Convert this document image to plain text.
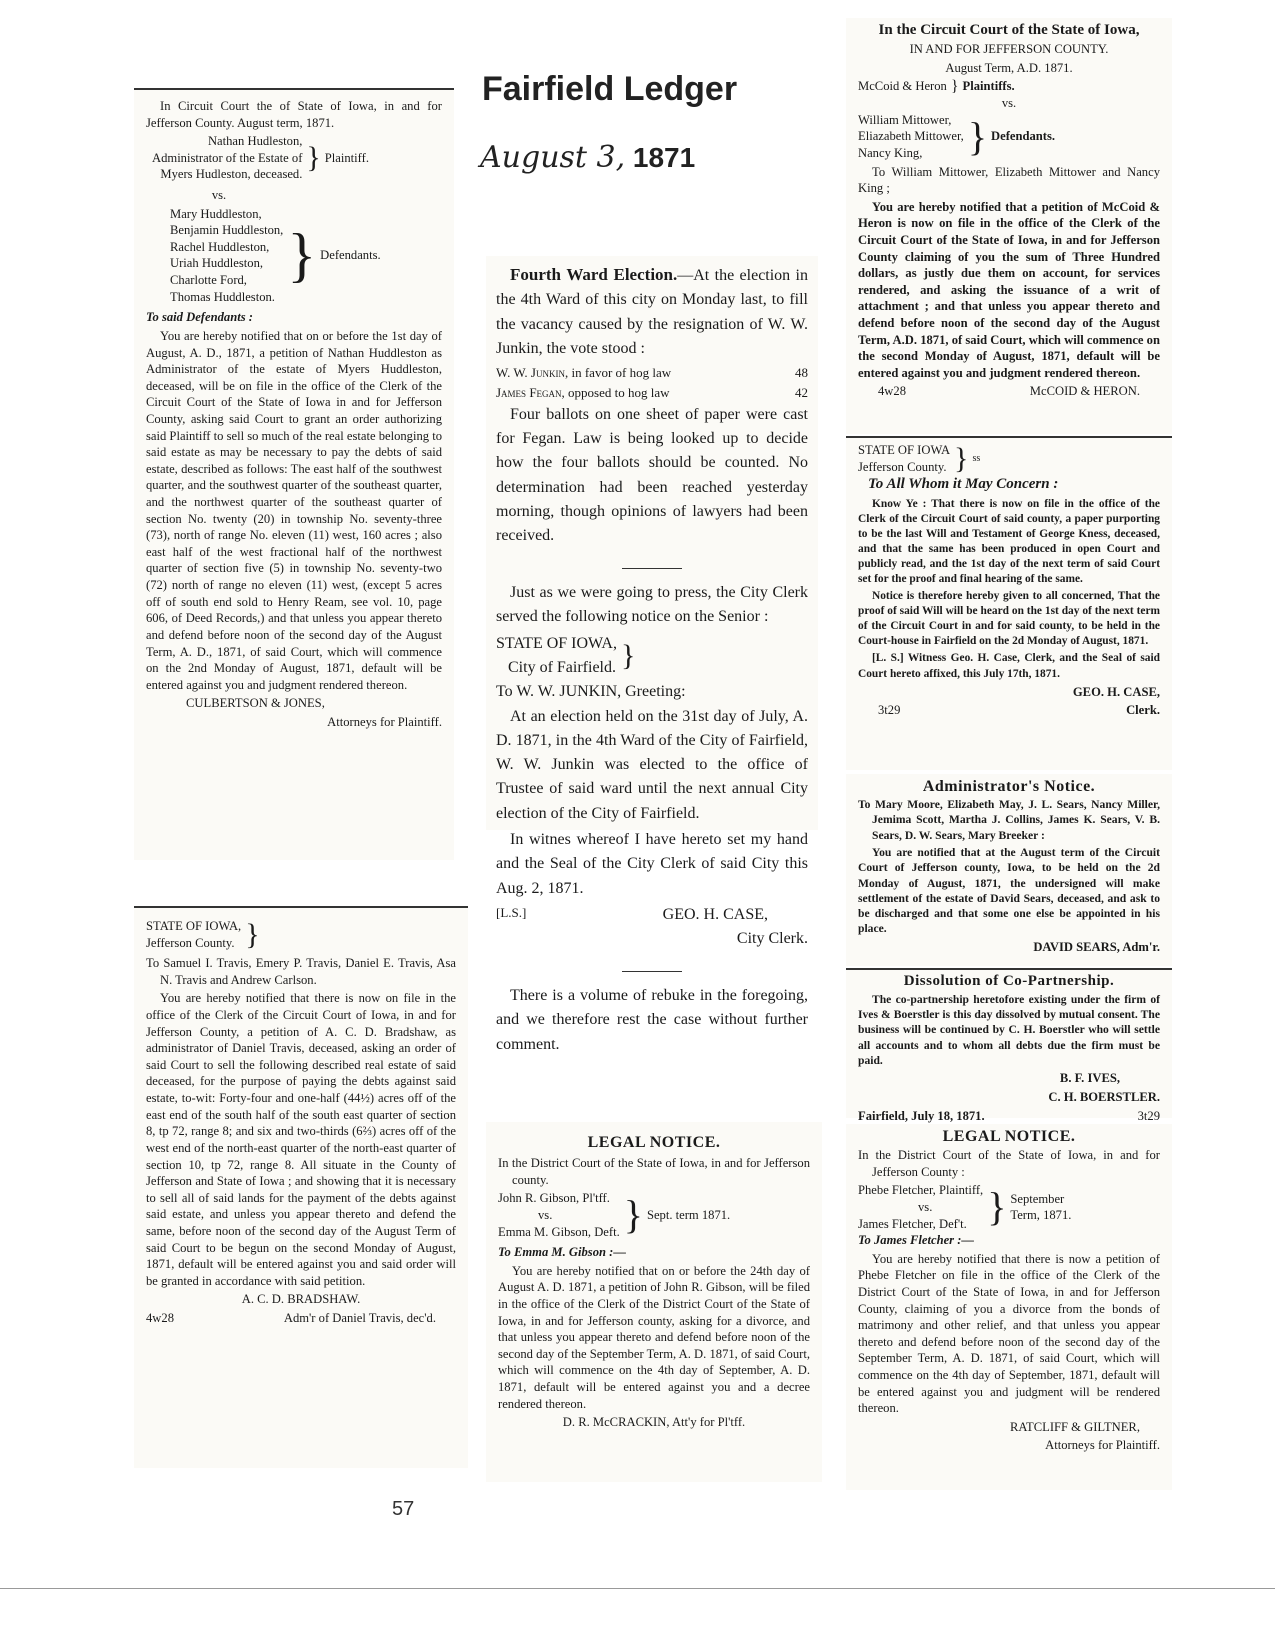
Fairfield Ledger
August 3, 1871

In Circuit Court the of State of Iowa, in and for Jefferson County. August term, 1871.

Nathan Hudleston,
Administrator of the Estate of
Myers Hudleston, deceased.
} Plaintiff.

vs.

Mary Huddleston,
Benjamin Huddleston,
Rachel Huddleston,
Uriah Huddleston,
Charlotte Ford,
Thomas Huddleston.
} Defendants.

To said Defendants :

You are hereby notified that on or before the 1st day of August, A. D., 1871, a petition of Nathan Huddleston as Administrator of the estate of Myers Huddleston, deceased, will be on file in the office of the Clerk of the Circuit Court of the State of Iowa in and for Jefferson County, asking said Court to grant an order authorizing said Plaintiff to sell so much of the real estate belonging to said estate as may be necessary to pay the debts of said estate, described as follows: The east half of the southwest quarter, and the southwest quarter of the southeast quarter, and the northwest quarter of the southeast quarter of section No. twenty (20) in township No. seventy-three (73), north of range No. eleven (11) west, 160 acres ; also east half of the west fractional half of the northwest quarter of section five (5) in township No. seventy-two (72) north of range no eleven (11) west, (except 5 acres off of south end sold to Henry Ream, see vol. 10, page 606, of Deed Records,) and that unless you appear thereto and defend before noon of the second day of the August Term, A. D., 1871, of said Court, which will commence on the 2nd Monday of August, 1871, default will be entered against you and judgment rendered thereon.

CULBERTSON & JONES,

Attorneys for Plaintiff.

STATE OF IOWA,
Jefferson County. }

To Samuel I. Travis, Emery P. Travis, Daniel E. Travis, Asa N. Travis and Andrew Carlson.

You are hereby notified that there is now on file in the office of the Clerk of the Circuit Court of Iowa, in and for Jefferson County, a petition of A. C. D. Bradshaw, as administrator of Daniel Travis, deceased, asking an order of said Court to sell the following described real estate of said deceased, for the purpose of paying the debts against said estate, to-wit: Forty-four and one-half (44½) acres off of the east end of the south half of the south east quarter of section 8, tp 72, range 8; and six and two-thirds (6⅔) acres off of the west end of the north-east quarter of the north-east quarter of section 10, tp 72, range 8. All situate in the County of Jefferson and State of Iowa ; and showing that it is necessary to sell all of said lands for the payment of the debts against said estate, and unless you appear thereto and defend the same, before noon of the second day of the August Term of said Court to be begun on the second Monday of August, 1871, default will be entered against you and said order will be granted in accordance with said petition.

A. C. D. BRADSHAW.

4w28	Adm'r of Daniel Travis, dec'd.

Fourth Ward Election.—At the election in the 4th Ward of this city on Monday last, to fill the vacancy caused by the resignation of W. W. Junkin, the vote stood :

W. W. Junkin, in favor of hog law	48
James Fegan, opposed to hog law	42

Four ballots on one sheet of paper were cast for Fegan. Law is being looked up to decide how the four ballots should be counted. No determination had been reached yesterday morning, though opinions of lawyers had been received.

Just as we were going to press, the City Clerk served the following notice on the Senior :

STATE OF IOWA,
City of Fairfield. }

To W. W. JUNKIN, Greeting:

At an election held on the 31st day of July, A. D. 1871, in the 4th Ward of the City of Fairfield, W. W. Junkin was elected to the office of Trustee of said ward until the next annual City election of the City of Fairfield.

In witnes whereof I have hereto set my hand and the Seal of the City Clerk of said City this Aug. 2, 1871.

[L.S.]	GEO. H. CASE,

City Clerk.

There is a volume of rebuke in the foregoing, and we therefore rest the case without further comment.

LEGAL NOTICE.

In the District Court of the State of Iowa, in and for Jefferson county.

John R. Gibson, Pl'tff.
vs.
Emma M. Gibson, Deft. } Sept. term 1871.

To Emma M. Gibson :—

You are hereby notified that on or before the 24th day of August A. D. 1871, a petition of John R. Gibson, will be filed in the office of the Clerk of the District Court of the State of Iowa, in and for Jefferson county, asking for a divorce, and that unless you appear thereto and defend before noon of the second day of the September Term, A. D. 1871, of said Court, which will commence on the 4th day of September, A. D. 1871, default will be entered against you and a decree rendered thereon.

D. R. McCRACKIN, Att'y for Pl'tff.

In the Circuit Court of the State of Iowa,

IN AND FOR JEFFERSON COUNTY.

August Term, A.D. 1871.

McCoid & Heron } Plaintiffs.

vs.

William Mittower,
Eliazabeth Mittower,
Nancy King,	} Defendants.

To William Mittower, Elizabeth Mittower and Nancy King ;

You are hereby notified that a petition of McCoid & Heron is now on file in the office of the Clerk of the Circuit Court of the State of Iowa, in and for Jefferson County claiming of you the sum of Three Hundred dollars, as justly due them on account, for services rendered, and asking the issuance of a writ of attachment ; and that unless you appear thereto and defend before noon of the second day of the August Term, A.D. 1871, of said Court, which will commence on the second Monday of August, 1871, default will be entered against you and judgment rendered thereon.

4w28	McCOID & HERON.
STATE OF IOWA
Jefferson County. } ss

To All Whom it May Concern :

Know Ye : That there is now on file in the office of the Clerk of the Circuit Court of said county, a paper purporting to be the last Will and Testament of George Kness, deceased, and that the same has been produced in open Court and publicly read, and the 1st day of the next term of said Court set for the proof and final hearing of the same.

Notice is therefore hereby given to all concerned, That the proof of said Will will be heard on the 1st day of the next term of the Circuit Court in and for said county, to be held in the Court-house in Fairfield on the 2d Monday of August, 1871.

[L. S.] Witness Geo. H. Case, Clerk, and the Seal of said Court hereto affixed, this July 17th, 1871.

GEO. H. CASE,

3t29	Clerk.

Administrator's Notice.

To Mary Moore, Elizabeth May, J. L. Sears, Nancy Miller, Jemima Scott, Martha J. Collins, James K. Sears, V. B. Sears, D. W. Sears, Mary Breeker :

You are notified that at the August term of the Circuit Court of Jefferson county, Iowa, to be held on the 2d Monday of August, 1871, the undersigned will make settlement of the estate of David Sears, deceased, and ask to be discharged and that some one else be appointed in his place.

DAVID SEARS, Adm'r.

Dissolution of Co-Partnership.

The co-partnership heretofore existing under the firm of Ives & Boerstler is this day dissolved by mutual consent. The business will be continued by C. H. Boerstler who will settle all accounts and to whom all debts due the firm must be paid.

B. F. IVES,

C. H. BOERSTLER.

Fairfield, July 18, 1871.	3t29

LEGAL NOTICE.

In the District Court of the State of Iowa, in and for Jefferson County :

Phebe Fletcher, Plaintiff,
vs.
James Fletcher, Def't. } September
Term, 1871.

To James Fletcher :—

You are hereby notified that there is now a petition of Phebe Fletcher on file in the office of the Clerk of the District Court of the State of Iowa, in and for Jefferson County, claiming of you a divorce from the bonds of matrimony and other relief, and that unless you appear thereto and defend before noon of the second day of the September Term, A. D. 1871, of said Court, which will commence on the 4th day of September, 1871, default will be entered against you and judgment will be rendered thereon.

RATCLIFF & GILTNER,

Attorneys for Plaintiff.

57
